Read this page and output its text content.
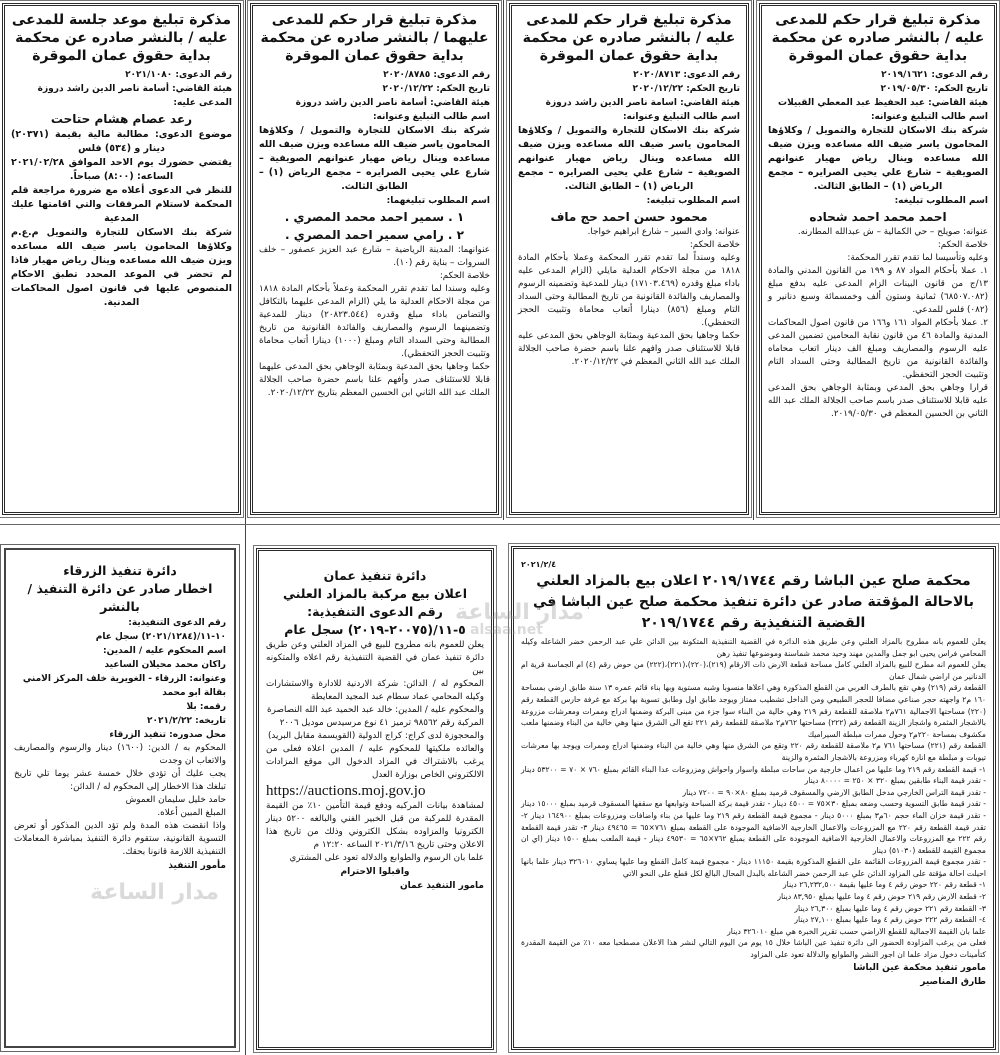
مذكرة تبليغ قرار حكم للمدعى عليه / بالنشر صادره عن محكمة بداية حقوق عمان الموقرة

رقم الدعوى: ٢٠١٩/١٦٢١

تاريخ الحكم: ٢٠١٩/٠٥/٣٠

هيئة القاضي: عبد الحفيظ عبد المعطي القبيلات

اسم طالب التبليغ وعنوانه:

شركة بنك الاسكان للتجارة والتمويل / وكلاؤها المحامون ياسر ضيف الله مساعده ويزن ضيف الله مساعده وينال رياض مهيار عنوانهم الصويفية – شارع علي يحيى الصرايره – مجمع الرياض (١) – الطابق الثالث.

اسم المطلوب تبليغه:

احمد محمد احمد شحاده

عنوانه: صويلح – حي الكمالية – ش عبدالله المطارنه.

خلاصة الحكم:

وعليه وتأسيسا لما تقدم تقرر المحكمة:

١. عملا بأحكام المواد ٨٧ و ١٩٩ من القانون المدني والمادة ١٣/ج من قانون البينات الزام المدعى عليه بدفع مبلغ (٦٨٥٠٧.٠٨٢) ثمانية وستون ألف وخمسمائة وسبع دنانير و (٠٨٢) فلس للمدعي.

٢. عملا بأحكام المواد ١٦١ و١٦٦ من قانون اصول المحاكمات المدنية والمادة ٤٦ من قانون نقابة المحامين تضمين المدعى عليه الرسوم والمصاريف ومبلغ الف دينار اتعاب محاماه والفائدة القانونية من تاريخ المطالبة وحتى السداد التام وتثبيت الحجز التحفظي.

قرارا وجاهي بحق المدعي وبمثابة الوجاهي بحق المدعى عليه قابلا للاستئناف صدر باسم صاحب الجلالة الملك عبد الله الثاني بن الحسين المعظم في ٢٠١٩/٠٥/٣٠.

مذكرة تبليغ قرار حكم للمدعى عليه / بالنشر صادره عن محكمة بداية حقوق عمان الموقرة

رقم الدعوى: ٢٠٢٠/٨٧١٣

تاريخ الحكم: ٢٠٢٠/١٢/٢٢

هيئة القاضي: اسامة ناصر الدين راشد دروزة

اسم طالب التبليغ وعنوانه:

شركة بنك الاسكان للتجارة والتمويل / وكلاؤها المحامون ياسر ضيف الله مساعده ويزن ضيف الله مساعده وينال رياض مهيار عنوانهم الصويفية – شارع علي يحيى الصرايره – مجمع الرياض (١) – الطابق الثالث.

اسم المطلوب تبليغه:

محمود حسن احمد حج ماف

عنوانه: وادي السير – شارع ابراهيم خواجا.

خلاصة الحكم:

وعليه وسنداً لما تقدم تقرر المحكمة وعملا بأحكام المادة ١٨١٨ من مجلة الاحكام العدلية مايلي (الزام المدعى عليه باداء مبلغ وقدره (١٧١٠٣.٤٦٩) دينار للمدعية وتضمينه الرسوم والمصاريف والفائدة القانونية من تاريخ المطالبة وحتى السداد التام ومبلغ (٨٥٦) دينارا أتعاب محاماة وتثبيت الحجز التحفظي).

حكما وجاهيا بحق المدعية وبمثابة الوجاهي بحق المدعى عليه قابلا للاستئناف صدر وافهم علنا باسم حضرة صاحب الجلالة الملك عبد الله الثاني المعظم في ٢٠٢٠/١٢/٢٢.

مذكرة تبليغ قرار حكم للمدعى عليهما / بالنشر صادره عن محكمة بداية حقوق عمان الموقرة

رقم الدعوى: ٢٠٢٠/٨٧٨٥

تاريخ الحكم: ٢٠٢٠/١٢/٢٢

هيئة القاضي: أسامة ناصر الدين راشد دروزة

اسم طالب التبليغ وعنوانه:

شركة بنك الاسكان للتجارة والتمويل / وكلاؤها المحامون ياسر ضيف الله مساعده ويزن ضيف الله مساعده وينال رياض مهيار عنوانهم الصويفية – شارع علي يحيى الصرايره – مجمع الرياض (١) – الطابق الثالث.

اسم المطلوب تبليغهما:

١ . سمير احمد محمد المصري .

٢ . رامي سمير احمد المصري .

عنوانهما: المدينة الرياضية – شارع عبد العزيز عصفور – خلف السروات – بناية رقم (١٠).

خلاصة الحكم:

وعليه وسندا لما تقدم تقرر المحكمة وعملاً بأحكام المادة ١٨١٨ من مجلة الاحكام العدلية ما يلي (الزام المدعى عليهما بالتكافل والتضامن باداء مبلغ وقدره (٢٠٨٢٣.٥٤٤) دينار للمدعية وتضمينهما الرسوم والمصاريف والفائدة القانونية من تاريخ المطالبة وحتى السداد التام ومبلغ (١٠٠٠) دينارا أتعاب محاماة وتثبيت الحجز التحفظي).

حكما وجاهيا بحق المدعية وبمثابة الوجاهي بحق المدعى عليهما قابلا للاستئناف صدر وأفهم علنا باسم حضرة صاحب الجلالة الملك عبد الله الثاني ابن الحسين المعظم بتاريخ ٢٠٢٠/١٢/٢٢.

مذكرة تبليغ موعد جلسة للمدعى عليه / بالنشر صادره عن محكمة بداية حقوق عمان الموقرة

رقم الدعوى: ٢٠٢١/١٠٨٠

هيئة القاضي: أسامة ناصر الدين راشد دروزة

المدعى عليه:

رعد عصام هشام حتاحت

موضوع الدعوى: مطالبة مالية بقيمة (٢٠٣٧١) دينار و (٥٣٤) فلس

يقتضي حضورك يوم الاحد الموافق ٢٠٢١/٠٢/٢٨ الساعه: (٨:٠٠) صباحاً.

للنظر في الدعوى أعلاه مع ضرورة مراجعة قلم المحكمة لاستلام المرفقات والتي اقامتها عليك المدعية

شركة بنك الاسكان للتجارة والتمويل م.ع.م وكلاؤها المحامون ياسر ضيف الله مساعده ويزن ضيف الله مساعده وينال رياض مهيار فاذا لم تحضر في الموعد المحدد تطبق الاحكام المنصوص عليها في قانون اصول المحاكمات المدنية.

دائرة تنفيذ الزرقاء

اخطار صادر عن دائرة التنفيذ / بالنشر

رقم الدعوى التنفيذية:

١٠-١١/(٢٠٢١/١٢٨٤) سجل عام

اسم المحكوم عليه / المدين:

راكان محمد محيلان الساعيد

وعنوانه: الزرقاء - الغويرية خلف المركز الامني بقالة ابو محمد

رقمه: بلا

تاريخه: ٢٠٢١/٢/٢٢

محل صدوره: تنفيذ الزرقاء

المحكوم به / الدين: (١٦٠٠) دينار والرسوم والمصاريف والاتعاب ان وجدت

يجب عليك أن تؤدي خلال خمسة عشر يوما تلي تاريخ تبلغك هذا الاخطار إلى المحكوم له / الدائن:

حامد خليل سليمان العموش

المبلغ المبين أعلاه.

واذا انقضت هذه المدة ولم تؤد الدين المذكور أو تعرض التسوية القانونية، ستقوم دائرة التنفيذ بمباشرة المعاملات التنفيذية اللازمة قانونا بحقك.

مأمور التنفيذ

دائرة تنفيذ عمان

اعلان بيع مركبة بالمزاد العلني

رقم الدعوى التنفيذية: ٥-١١/(٢٠٠٧٥-٢٠١٩) سجل عام

يعلن للعموم بانه مطروح للبيع في المزاد العلني وعن طريق دائرة تنفيذ عمان في القضية التنفيذية رقم اعلاه والمتكونه بين

المحكوم له / الدائن: شركة الاردنية للادارة والاستشارات وكيله المحامي عماد سطام عبد المجيد المعايطة

والمحكوم عليه / المدين: خالد عبد الحميد عبد الله النصاصرة

المركبة رقم ٩٨٥٦٢ ترميز ٤١ نوع مرسيدس موديل ٢٠٠٦

والمحجوزة لدى كراج: كراج الدولية (القويسمة مقابل البريد)

والعائده ملكيتها للمحكوم عليه / المدين اعلاه فعلى من يرغب بالاشتراك في المزاد الدخول الى موقع المزادات الالكتروني الخاص بوزارة العدل

https://auctions.moj.gov.jo

لمشاهدة بيانات المركبه ودفع قيمة التأمين ١٠٪ من القيمة المقدرة للمركبة من قبل الخبير الفني والبالغه ٥٢٠٠ دينار الكترونيا والمزاوده بشكل الكتروني وذلك من تاريخ هذا الاعلان وحتى تاريخ ٢٠٢١/٣/١٦ الساعه ١٢:٢٠ م

علما بان الرسوم والطوابع والدلاله تعود على المشتري

واقبلوا الاحترام

مامور التنفيذ عمان

٢٠٢١/٢/٤

محكمة صلح عين الباشا رقم ٢٠١٩/١٧٤٤ اعلان بيع بالمزاد العلني بالاحالة المؤقتة صادر عن دائرة تنفيذ محكمة صلح عين الباشا في القضية التنفيذية رقم ٢٠١٩/١٧٤٤

يعلن للعموم بانه مطروح بالمزاد العلني وعن طريق هذه الدائرة في القضية التنفيذية المتكونة بين الدائن علي عبد الرحمن خضر الشاعله وكيله المحامي فراس يحيى ابو جمل والمدين مهند وحيد محمد شماسنة وموضوعها تنفيذ رهن

يعلن للعموم انه مطرح للبيع بالمزاد العلني كامل مساحة قطعة الارض ذات الارقام (٢١٩)،(٢٢٠)،(٢٢١)،(٢٢٢) من حوض رقم (٤) ام الجماسة قرية ام الدنانير من اراضي شمال عمان

القطعة رقم (٢١٩) وهي تقع بالطرف الغربي من القطع المذكورة وهي اعلاها منسوبا وشبه مستوية وبها بناء قائم عمره ١٣ سنة طابق ارضي بمساحة ١٦٠ م٢ واجهته حجر صناعي مضافا للحجر الطبيعي ومن الداخل تشطيب ممتاز ويوجد طابق اول وطابق تسوية بها بركة مع غرفة حارس القطعة رقم (٢٢٠) مساحتها الاجمالية ٧٦١م٢ ملاصقة للقطعة رقم ٢١٩ وهي خالية من البناء سوا جزء من مبنى البركة وضمنها ادراج وممرات ومعرشات مزروعة بالاشجار المثمرة واشجار الزينة القطعة رقم (٢٢٢) مساحتها ٧٦٢م٢ ملاصقة للقطعة رقم ٢٢١ تقع الى الشرق منها وهي خالية من البناء وضمنها ملعب مكشوف بمساحة ٢٢٠م٢ وحول ممرات مبلطة السيراميك

القطعة رقم (٢٢١) مساحتها ٧٦١ م٢ ملاصقة للقطعة رقم ٢٢٠ وتقع من الشرق منها وهي خالية من البناء وضمنها ادراج وممرات ويوجد بها معرشات تيوبات و مبلطة مع انارة كهرباء ومزروعة بالاشجار المثمرة والزينة

١- قيمة القطعة رقم ٢١٩ وما عليها من اعمال خارجية من ساحات مبلطة واسوار واحواش ومزروعات عدا البناء القائم بمبلغ ٧٦٠ × ٧٠ = ٥٣٢٠٠ دينار - تقدر قيمة البناء طابقين بمبلغ ٣٢٠ × ٢٥٠ = ٨٠٠٠٠ دينار

- تقدر قيمة التراس الخارجي مدخل الطابق الارضي والمسقوف قرميد بمبلغ ٨٠×٩٠ = ٧٢٠٠ دينار

- تقدر قيمة طابق التسوية وحسب وضعه بمبلغ ٣٠×٧٥ = ٤٥٠٠ دينار - تقدر قيمة بركة السباحة وتوابعها مع سقفها المسقوف قرميد بمبلغ ١٥٠٠٠ دينار - تقدر قيمة خزان الماء حجم ٦٠م٣ بمبلغ ٥٠٠٠ دينار - مجموع قيمة القطعة رقم ٢١٩ وما عليها من بناء واضافات ومزروعات بمبلغ ١٦٤٩٠٠ دينار ٢- تقدر قيمة القطعة رقم ٢٢٠ مع المزروعات والاعمال الخارجية الاضافية الموجودة على القطعة بمبلغ ٧٦١×٦٥ = ٤٩٤٦٥ دينار ٣- تقدر قيمة القطعة رقم ٢٢٢ مع المزروعات والاعمال الخارجية الاضافية الموجودة على القطعة بمبلغ ٧٦٢×٦٥ = ٤٩٥٣٠ دينار - قيمة الملعب بمبلغ ١٥٠٠ دينار (اي ان مجموع القيمة للقطعة (٥١٠٣٠) دينار

- تقدر مجموع قيمة المزروعات القائمة على القطع المذكورة بقيمة ١١١٥٠ دينار - مجموع قيمة كامل القطع وما عليها يساوي ٣٢٦٠١٠ دينار علما بانها احيلت احالة مؤقتة على المزاود الدائن علي عبد الرحمن خضر الشاعله بالبدل المحال البالغ لكل قطع على النحو الاتي

١- قطعة رقم ٢٢٠ حوض رقم ٤ وما عليها بقيمة ٢٦,٢٣٢,٥٠٠ دينار

٢- قطعة الارض رقم ٢١٩ حوض رقم ٤ وما عليها بمبلغ ٨٣,٩٥٠ دينار

٣- القطعة رقم ٢٢١ حوض رقم ٤ وما عليها بمبلغ ٢٦,٣٠٠ دينار

٤- القطعة رقم ٢٢٢ حوض رقم ٤ وما عليها بمبلغ ٢٧,١٠٠ دينار

علما بان القيمة الاجمالية للقطع الاراضي حسب تقرير الخبرة هي مبلغ ٣٢٦٠١٠ دينار

فعلى من يرغب المزاودة الحضور الى دائرة تنفيذ عين الباشا خلال ١٥ يوم من اليوم التالي لنشر هذا الاعلان مصطحبا معه ١٠٪ من القيمة المقدرة كتأمينات دخول مزاد علما ان اجور النشر والطوابع والدلالة تعود على المزاود

مامور تنفيذ محكمة عين الباشا

طارق المناصير

مدار الساعة
مدار الساعة
alsaa.net
